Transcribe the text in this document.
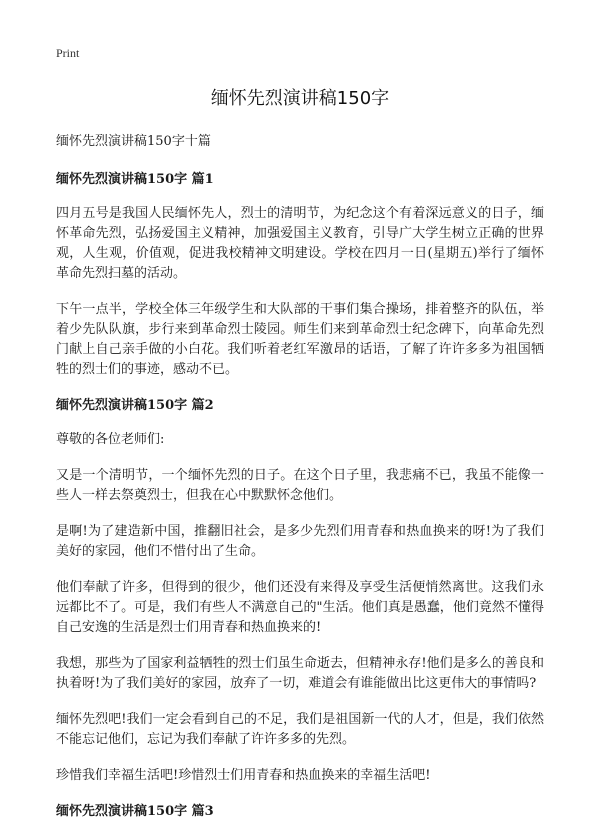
Print

缅怀先烈演讲稿150字

缅怀先烈演讲稿150字十篇

缅怀先烈演讲稿150字 篇1

四月五号是我国人民缅怀先人，烈士的清明节，为纪念这个有着深远意义的日子，缅怀革命先烈，弘扬爱国主义精神，加强爱国主义教育，引导广大学生树立正确的世界观，人生观，价值观，促进我校精神文明建设。学校在四月一日(星期五)举行了缅怀革命先烈扫墓的活动。

下午一点半，学校全体三年级学生和大队部的干事们集合操场，排着整齐的队伍，举着少先队队旗，步行来到革命烈士陵园。师生们来到革命烈士纪念碑下，向革命先烈门献上自己亲手做的小白花。我们听着老红军激昂的话语，了解了许许多多为祖国牺牲的烈士们的事迹，感动不已。

缅怀先烈演讲稿150字 篇2

尊敬的各位老师们:

又是一个清明节，一个缅怀先烈的日子。在这个日子里，我悲痛不已，我虽不能像一些人一样去祭奠烈士，但我在心中默默怀念他们。

是啊!为了建造新中国，推翻旧社会，是多少先烈们用青春和热血换来的呀!为了我们美好的家园，他们不惜付出了生命。

他们奉献了许多，但得到的很少，他们还没有来得及享受生活便悄然离世。这我们永远都比不了。可是，我们有些人不满意自己的"生活。他们真是愚蠢，他们竟然不懂得自己安逸的生活是烈士们用青春和热血换来的!

我想，那些为了国家利益牺牲的烈士们虽生命逝去，但精神永存!他们是多么的善良和执着呀!为了我们美好的家园，放弃了一切，难道会有谁能做出比这更伟大的事情吗?

缅怀先烈吧!我们一定会看到自己的不足，我们是祖国新一代的人才，但是，我们依然不能忘记他们，忘记为我们奉献了许许多多的先烈。

珍惜我们幸福生活吧!珍惜烈士们用青春和热血换来的幸福生活吧!

缅怀先烈演讲稿150字 篇3
